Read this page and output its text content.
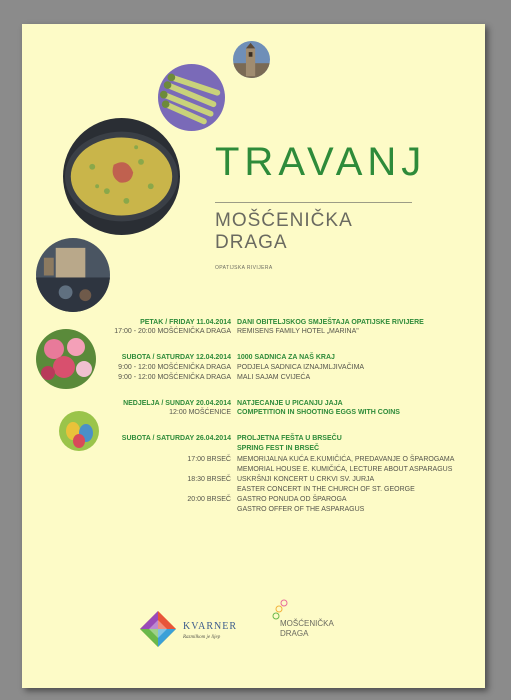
TRAVANJ
MOŠĆENIČKA
DRAGA
OPATIJSKA RIVIJERA
PETAK / FRIDAY 11.04.2014 DANI OBITELJSKOG SMJEŠTAJA OPATIJSKE RIVIJERE
17:00 - 20:00 MOŠĆENIČKA DRAGA REMISENS FAMILY HOTEL „MARINA"
SUBOTA / SATURDAY 12.04.2014 1000 SADNICA ZA NAŠ KRAJ
9:00 - 12:00 MOŠĆENIČKA DRAGA PODJELA SADNICA IZNAJMLJIVAČIMA
9:00 - 12:00 MOŠĆENIČKA DRAGA MALI SAJAM CVIJEĆA
NEDJELJA / SUNDAY 20.04.2014 NATJECANJE U PICANJU JAJA
12:00 MOŠĆENICE COMPETITION IN SHOOTING EGGS WITH COINS
SUBOTA / SATURDAY 26.04.2014 PROLJETNA FEŠTA U BRSEČU
SPRING FEST IN BRSEČ
17:00 BRSEČ MEMORIJALNA KUĆA E.KUMIČIĆA, PREDAVANJE O ŠPAROGAMA
MEMORIAL HOUSE E. KUMIČIĆA, LECTURE ABOUT ASPARAGUS
18:30 BRSEČ USKRŠNJI KONCERT U CRKVI SV. JURJA
EASTER CONCERT IN THE CHURCH OF ST. GEORGE
20:00 BRSEČ GASTRO PONUDA OD ŠPAROGA
GASTRO OFFER OF THE ASPARAGUS
KVARNER
Razmilkom je lijep
MOŠĆENIČKA
DRAGA
